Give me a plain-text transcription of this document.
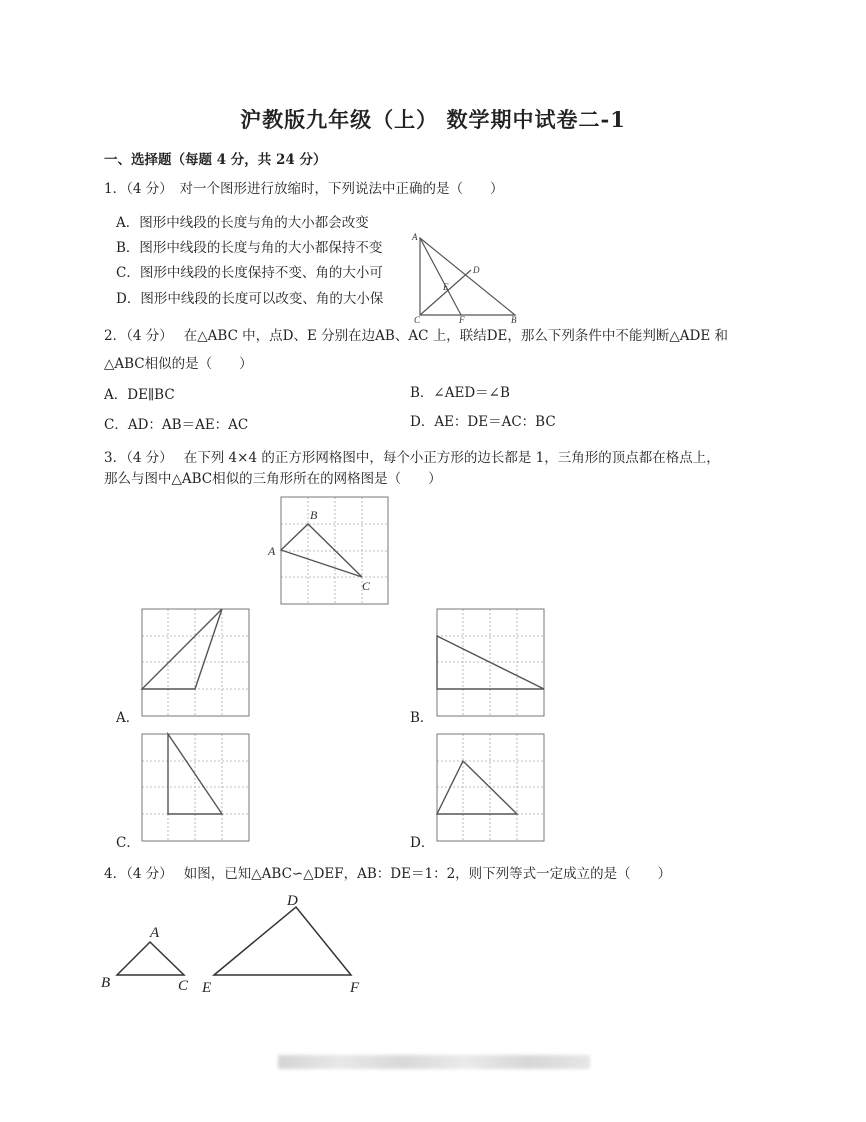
沪教版九年级（上） 数学期中试卷二-1
一、选择题（每题 4 分，共 24 分）
1．（4 分）　对一个图形进行放缩时，下列说法中正确的是（　　）
A．图形中线段的长度与角的大小都会改变
B．图形中线段的长度与角的大小都保持不变
C．图形中线段的长度保持不变、角的大小可
D．图形中线段的长度可以改变、角的大小保
A
D
E
C	F	B
2．（4 分）　 在△ABC 中，点D、E 分别在边AB、AC 上，联结DE，那么下列条件中不能判断△ADE 和
△ABC相似的是（　　）
A．DE∥BC	B．∠AED＝∠B
C．AD：AB＝AE：AC	D．AE：DE＝AC：BC
3．（4 分）　 在下列 4×4 的正方形网格图中，每个小正方形的边长都是 1，三角形的顶点都在格点上，
那么与图中△ABC相似的三角形所在的网格图是（　　）
A
B
C
A．	B．
C．	D．
4．（4 分）　 如图，已知△ABC∽△DEF，AB：DE＝1：2，则下列等式一定成立的是（　　）
A
B	C
D
E	F
